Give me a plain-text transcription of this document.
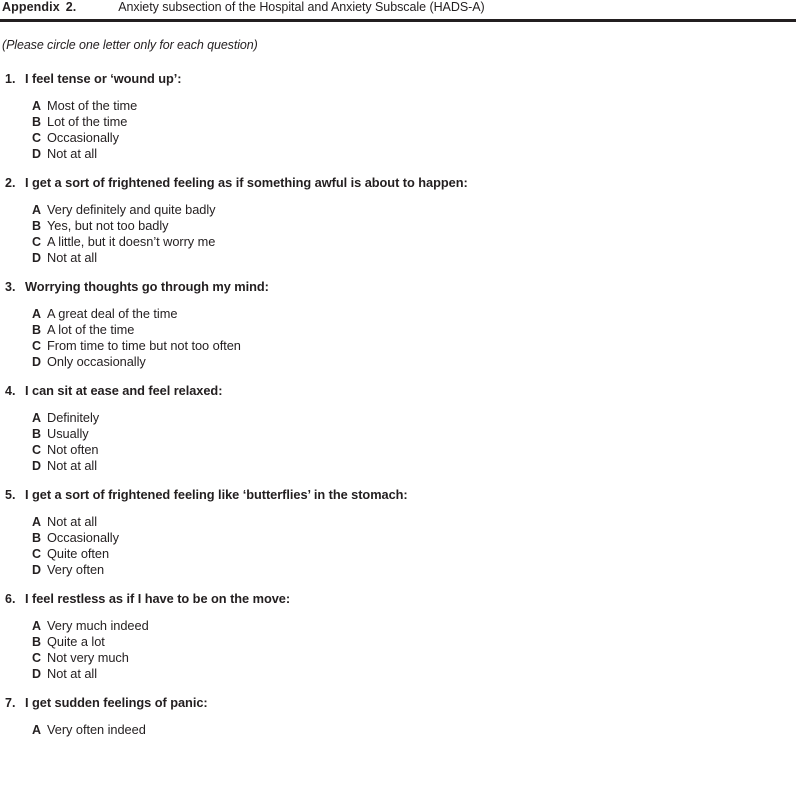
Appendix 2.	Anxiety subsection of the Hospital and Anxiety Subscale (HADS-A)
(Please circle one letter only for each question)
1. I feel tense or ‘wound up’:
A Most of the time
B Lot of the time
C Occasionally
D Not at all
2. I get a sort of frightened feeling as if something awful is about to happen:
A Very definitely and quite badly
B Yes, but not too badly
C A little, but it doesn’t worry me
D Not at all
3. Worrying thoughts go through my mind:
A A great deal of the time
B A lot of the time
C From time to time but not too often
D Only occasionally
4. I can sit at ease and feel relaxed:
A Definitely
B Usually
C Not often
D Not at all
5. I get a sort of frightened feeling like ‘butterflies’ in the stomach:
A Not at all
B Occasionally
C Quite often
D Very often
6. I feel restless as if I have to be on the move:
A Very much indeed
B Quite a lot
C Not very much
D Not at all
7. I get sudden feelings of panic:
A Very often indeed
